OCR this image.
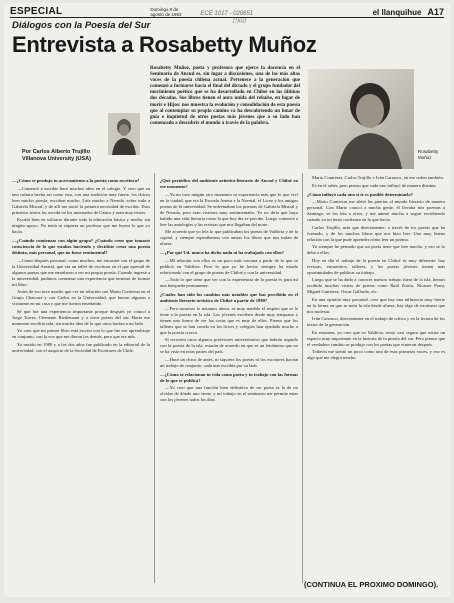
ESPECIAL	Domingo 8 de agosto de 1993	ECE 1017 - 020651	el llanquihue A17
Diálogos con la Poesía del Sur	1960
Entrevista a Rosabetty Muñoz
Por Carlos Alberto Trujillo
Villanova University (USA)
Rosabetty Muñoz, poeta y profesora que ejerce la docencia en el Seminario de Ancud es, sin lugar a discusiones, una de las más altas voces de la poesía chilena actual. Pertenece a la generación que comenzó a formarse hacia el final del dictado y el grupo fundador del movimiento poético que se ha desarrollado en Chiloé en las últimas dos décadas. Sus libros tienen el aura unida del rebalse, en lugar de morir e Hijos: nos muestra la evolución y consolidación de esta poesía que al contemplar su propio camino va ha descubriendo un lunar de guía e inquietud de otros poetas más jóvenes que a su lado han comenzado a descubrir el mundo a través de la palabra.
Rosabetty
Muñoz

—¿Cómo se produjo tu acercamiento a la poesía como escritura?

—Comencé a escribir hace muchos años en el colegio. Y creo que en una cultura hecha así como esta, con una tradición muy fuerte, los chicos leen mucho poesía, escriben mucho. Leía mucho a Neruda, sobre todo a Gabriela Mistral, y de allí me nació la primera necesidad de escribir. Esos primeros textos los escribí en los internados de Castro y eran muy tristes.

Escribí bien en solitario durante toda la educación básica y media, sin ningún apoyo. No tenía ni siquiera un profesor que me leyera lo que yo hacía.

—¿Cuándo comienzas con algún grupo? ¿Cuándo crees que tomaste consciencia de lo que estabas haciendo y decidiste crear una poesía distinta, más personal, que no fuese sentimental?

—Como después personal, como muchos, me encontré con el grupo de la Universidad Austral, que era un taller de escritura en el que aprendí de algunos poetas que me enseñaron a ver mi propia poesía. Cuando ingresé a la universidad, pudimos comenzar una experiencia que terminó de formar mi libro.

Antes de eso tuve mucho que ver mi relación con Mario Contreras en el Grupo Chaicura y con Carlos en la Universidad, que fueron algunos a visitarme en mi casa y que me fueron enseñando.

Sé que fue una experiencia importante porque después yo conocí a Jorge Torres, Clemente Riedemann y a otros poetas del sur. Hasta ese momento escribía sola, sin mucha idea de lo que otros hacían a mi lado.

Yo creo que mi primer libro está escrito con lo que fue ese aprendizaje en conjunto, con la voz que me dieron los demás, pero que era mía.

Ya nacido en 1980 y a los dos años fue publicado en la editorial de la universidad, con el auspicio de la Sociedad de Escritores de Chile.

¿Qué periódico del ambiente artístico-literario de Ancud y Chiloé en ese momento?

—Yo no tuve ningún otro momento ni experiencia más que lo que viví en la ciudad, que era la Escuela Anexa a la Normal, el Liceo y los amigos poetas de la universidad. Se enfrentaban los poemas de Gabriela Mistral y de Neruda, pero eran visiones muy sentimentales. Yo no diría que haya habido una vida literaria como la que hoy día se percibe. Luego comencé a leer las antologías y las revistas que nos llegaban del norte.

Me acuerdo que yo leía lo que publicaban los poetas de Valdivia y de la capital, y siempre esperábamos con ansias los libros que nos traían de afuera.

—¿Por qué Ud. nunca ha dicho nada ni ha trabajado con ellos?

—Mi relación con ellos es un poco más cercana a partir de lo que se publicó en Valdivia. Pero lo que yo he hecho siempre ha estado relacionado con el grupo de poetas de Chiloé y con la universidad.

—Todo lo que tiene que ver con la experiencia de la poesía es para mí una búsqueda permanente.

¿Cuáles han sido los cambios más notables que has percibido en el ambiente literario-artístico de Chiloé a partir de 1980?

—Pero nosotros lo notamos ahora, es muy notable el respeto que se le tiene a la poesía en la isla. Los jóvenes escriben desde muy temprano y tienen una forma de ver las cosas que es muy de ellos. Pienso que los talleres que se han creado en los liceos y colegios han ayudado mucho a que la poesía crezca.

Si recorren otros algunos profesores universitarios que habrán seguido con la poesía de la isla, estarán de acuerdo en que es un fenómeno que no se ha visto en otras partes del país.

—Hace un chico de antes, ni siquiera los poetas ni los escritores hacían un trabajo de conjunto, cada uno escribía por su lado.

—¿Cómo se relacionan tu vida como poeta y tu trabajo con las formas de lo que se publica?

—Yo creo que una función bien definitiva de ser poeta es la de no olvidar de dónde uno viene, y mi trabajo en el seminario me permite estar con los jóvenes todos los días.

Mario Contreras, Carlos Trujillo e Iván Carrasco, en ese orden también.

Es en el saber, pero pienso que cada uno influyó de manera distinta.

¿Cómo influyó cada uno si te es posible determinarlo?

—Mario Contreras me abrió las puertas al mundo literario de manera personal. Con Mario conocí a mucha gente, él llevaba mis poemas a Santiago, se los leía a otros, y me animó mucho a seguir escribiendo cuando yo no tenía confianza en lo que hacía.

Carlos Trujillo, más que directamente, a través de los poetas que ha formado, y de los muchos libros que nos hizo leer. Una muy buena relación con la que pude aprender cómo leer un poema.

Yo siempre he pensado que un poeta tiene que leer mucho, y eso se lo debo a ellos.

Hoy en día el trabajo de la poesía en Chiloé es muy diferente: hay revistas, encuentros, talleres, y los poetas jóvenes tienen más oportunidades de publicar su trabajo.

Luego que se ha dado a conocer nuestro trabajo fuera de la isla, hemos recibido muchas visitas de poetas como Raúl Zurita, Nicanor Parra, Miguel Gutiérrez, Oscar Gallardo, etc.

En una opinión muy personal, creo que hay una influencia muy fuerte en la forma en que se mira la isla desde afuera, hay algo de exotismo que nos molesta.

Iván Carrasco, directamente en el trabajo de crítica y en la lectura de los textos de la generación.

En resumen, yo creo que en Valdivia, estoy casi segura que existe un espacio muy importante en la historia de la poesía del sur. Pero pienso que el verdadero cambio se produjo con los poetas que vinieron después.

Todavía me siento un poco como una de esas primeras voces, y eso es algo que me alegra mucho.

(CONTINUA EL PROXIMO DOMINGO).
